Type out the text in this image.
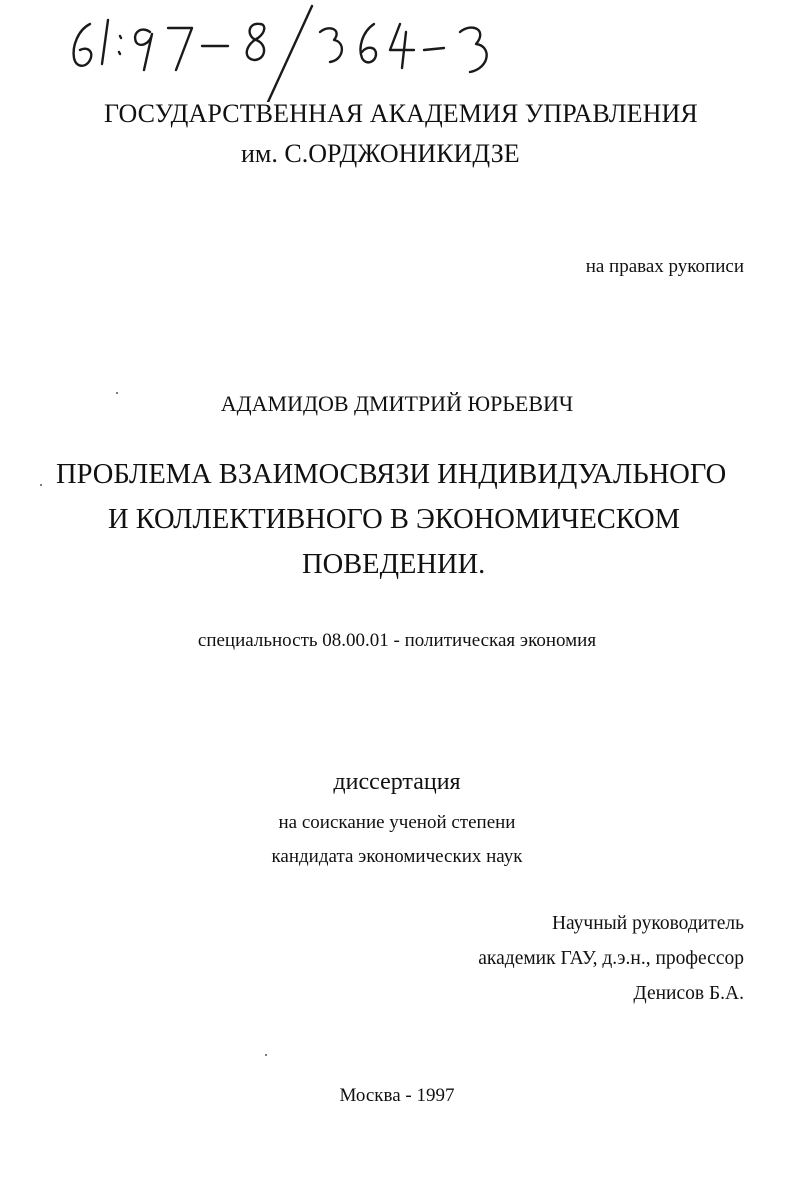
ГОСУДАРСТВЕННАЯ АКАДЕМИЯ УПРАВЛЕНИЯ
им. С.ОРДЖОНИКИДЗЕ
на правах рукописи
АДАМИДОВ ДМИТРИЙ ЮРЬЕВИЧ
ПРОБЛЕМА ВЗАИМОСВЯЗИ ИНДИВИДУАЛЬНОГО
И КОЛЛЕКТИВНОГО В ЭКОНОМИЧЕСКОМ
ПОВЕДЕНИИ.
специальность 08.00.01 - политическая экономия
диссертация
на соискание ученой степени
кандидата экономических наук
Научный руководитель
академик ГАУ, д.э.н., профессор
Денисов Б.А.
Москва - 1997
